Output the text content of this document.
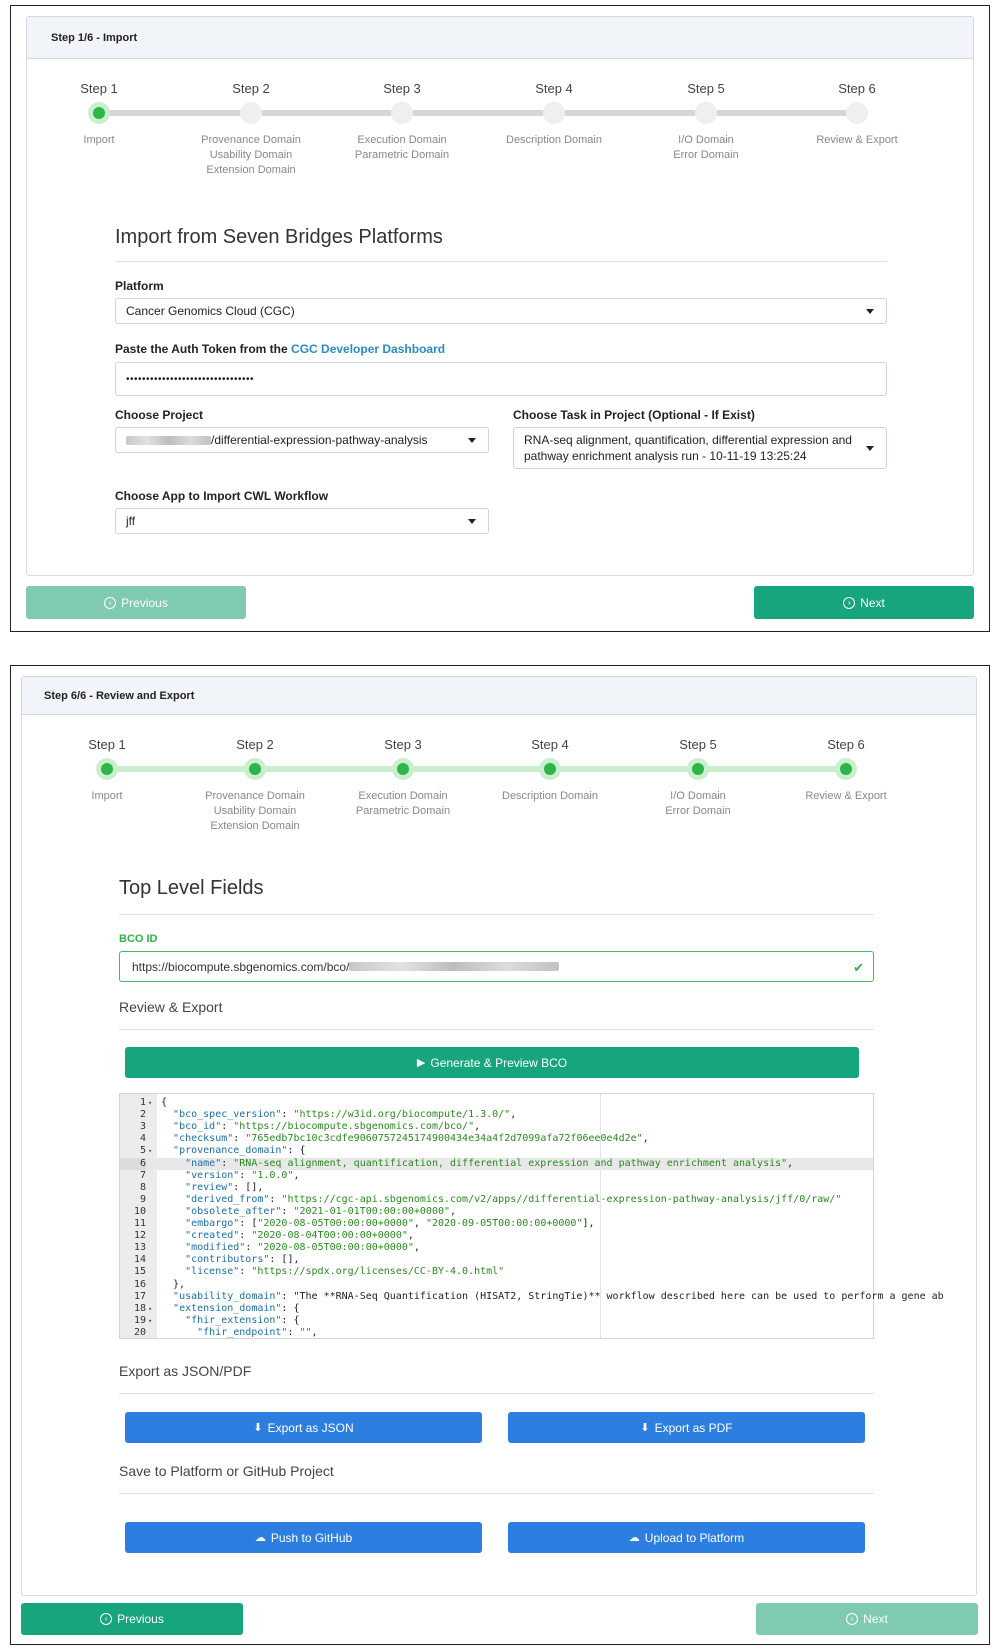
Step 1/6 - Import
Step 1
Import
Step 2
Provenance Domain
Usability Domain
Extension Domain
Step 3
Execution Domain
Parametric Domain
Step 4
Description Domain
Step 5
I/O Domain
Error Domain
Step 6
Review & Export
Import from Seven Bridges Platforms
Platform
Cancer Genomics Cloud (CGC)
Paste the Auth Token from the CGC Developer Dashboard
••••••••••••••••••••••••••••••••
Choose Project
/differential-expression-pathway-analysis
Choose Task in Project (Optional - If Exist)
RNA-seq alignment, quantification, differential expression and
pathway enrichment analysis run - 10-11-19 13:25:24
Choose App to Import CWL Workflow
jff
‹ Previous	› Next
Step 6/6 - Review and Export
Step 1
Import
Step 2
Provenance Domain
Usability Domain
Extension Domain
Step 3
Execution Domain
Parametric Domain
Step 4
Description Domain
Step 5
I/O Domain
Error Domain
Step 6
Review & Export
Top Level Fields
BCO ID
https://biocompute.sbgenomics.com/bco/	✔
Review & Export
▶ Generate & Preview BCO
1 ▾ {
2	"bco_spec_version": "https://w3id.org/biocompute/1.3.0/",
3	"bco_id": "https://biocompute.sbgenomics.com/bco/",
4	"checksum": "765edb7bc10c3cdfe9060757245174900434e34a4f2d7099afa72f06ee0e4d2e",
5 ▾	"provenance_domain": {
6	"name": "RNA-seq alignment, quantification, differential expression and pathway enrichment analysis",
7	"version": "1.0.0",
8	"review": [],
9	"derived_from": "https://cgc-api.sbgenomics.com/v2/apps//differential-expression-pathway-analysis/jff/0/raw/"
10	"obsolete_after": "2021-01-01T00:00:00+0000",
11	"embargo": ["2020-08-05T00:00:00+0000", "2020-09-05T00:00:00+0000"],
12	"created": "2020-08-04T00:00:00+0000",
13	"modified": "2020-08-05T00:00:00+0000",
14	"contributors": [],
15	"license": "https://spdx.org/licenses/CC-BY-4.0.html"
16 },
17	"usability_domain": "The **RNA-Seq Quantification (HISAT2, StringTie)** workflow described here can be used to perform a gene ab
18 ▾	"extension_domain": {
19 ▾	"fhir_extension": {
20	"fhir_endpoint": "",
Export as JSON/PDF
⬇ Export as JSON	⬇ Export as PDF
Save to Platform or GitHub Project
☁ Push to GitHub	☁ Upload to Platform
‹ Previous	› Next
